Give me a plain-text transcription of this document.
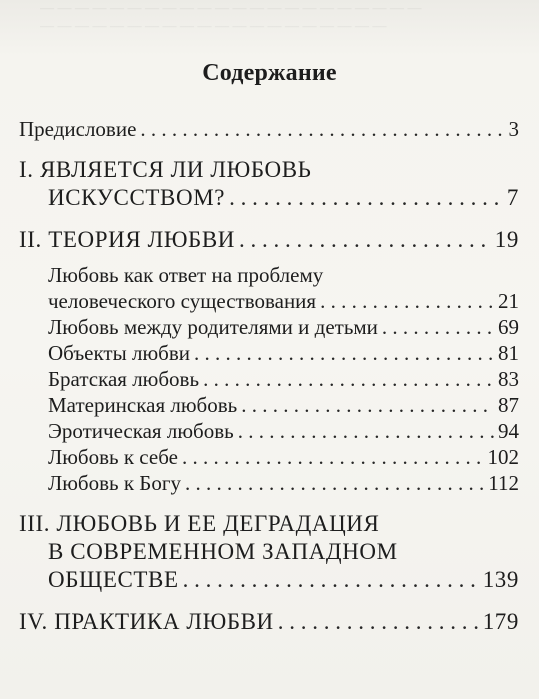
— — — — — — — — — — — — — — — — — — — — — —
— — — — — — — — — — — — — — — — — — — —
Содержание
Предисловие . . .	3
I. ЯВЛЯЕТСЯ ЛИ ЛЮБОВЬ
ИСКУССТВОМ? . . .	7
II. ТЕОРИЯ ЛЮБВИ . . .	19
Любовь как ответ на проблему
человеческого существования . . .	21
Любовь между родителями и детьми . . .	69
Объекты любви . . .	81
Братская любовь . . .	83
Материнская любовь . . .	87
Эротическая любовь . . .	94
Любовь к себе . . .	102
Любовь к Богу . . .	112
III. ЛЮБОВЬ И ЕЕ ДЕГРАДАЦИЯ
В СОВРЕМЕННОМ ЗАПАДНОМ
ОБЩЕСТВЕ . . .	139
IV. ПРАКТИКА ЛЮБВИ . . .	179
